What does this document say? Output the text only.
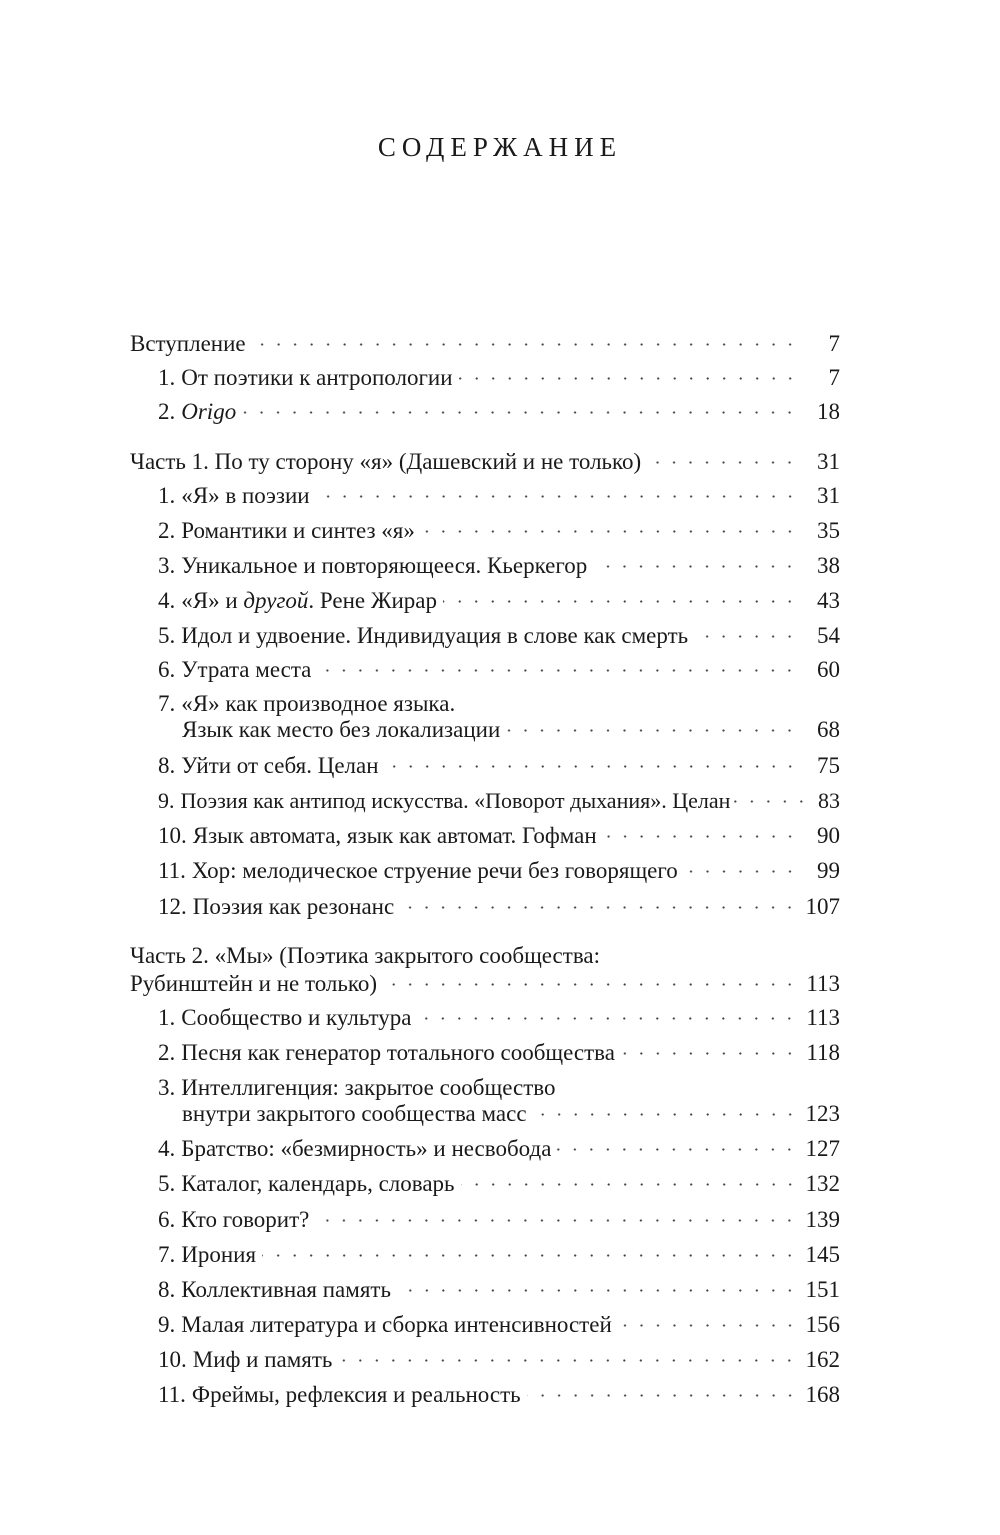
СОДЕРЖАНИЕ
Вступление	7
1. От поэтики к антропологии	7
2. Origo	18
Часть 1. По ту сторону «я» (Дашевский и не только)	31
1. «Я» в поэзии	31
2. Романтики и синтез «я»	35
3. Уникальное и повторяющееся. Кьеркегор	38
4. «Я» и другой. Рене Жирар	43
5. Идол и удвоение. Индивидуация в слове как смерть	54
6. Утрата места	60
7. «Я» как производное языка.
Язык как место без локализации	68
8. Уйти от себя. Целан	75
9. Поэзия как антипод искусства. «Поворот дыхания». Целан	83
10. Язык автомата, язык как автомат. Гофман	90
11. Хор: мелодическое струение речи без говорящего	99
12. Поэзия как резонанс	107
Часть 2. «Мы» (Поэтика закрытого сообщества:
Рубинштейн и не только)	113
1. Сообщество и культура	113
2. Песня как генератор тотального сообщества	118
3. Интеллигенция: закрытое сообщество
внутри закрытого сообщества масс	123
4. Братство: «безмирность» и несвобода	127
5. Каталог, календарь, словарь	132
6. Кто говорит?	139
7. Ирония	145
8. Коллективная память	151
9. Малая литература и сборка интенсивностей	156
10. Миф и память	162
11. Фреймы, рефлексия и реальность	168
